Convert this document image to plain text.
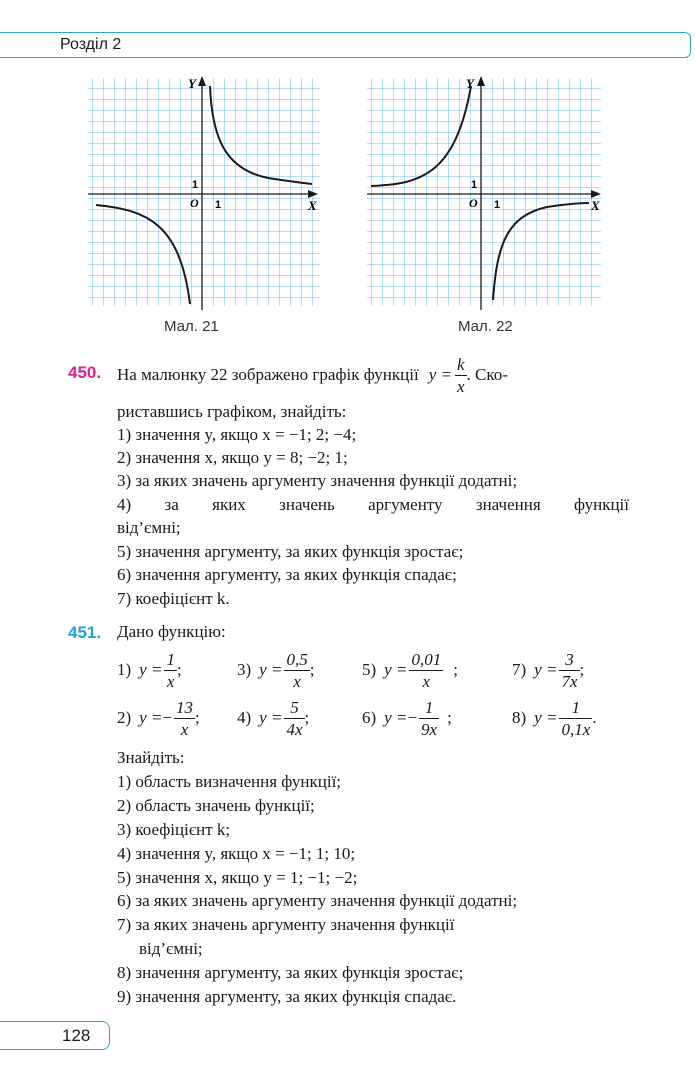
Розділ 2
Y
X
O 1
1
Мал. 21
Y
X
O 1
1
Мал. 22
450. На малюнку 22 зображено графік функції $y = \frac{k}{x}$ . Ско-
риставшись графіком, знайдіть:
1) значення y, якщо x = −1; 2; −4;
2) значення x, якщо y = 8; −2; 1;
3) за яких значень аргументу значення функції додатні;
4) за яких значень аргументу значення функції
від’ємні;
5) значення аргументу, за яких функція зростає;
6) значення аргументу, за яких функція спадає;
7) коефіцієнт k.
451. Дано функцію:
1) $y = \frac{1}{x}$ ;	3) $y = \frac{0,5}{x}$ ;	5) $y = \frac{0,01}{x}$ ;	7) $y = \frac{3}{7x}$ ;
2) y = − $\frac{13}{x}$ ; 4) $y = \frac{5}{4x}$ ;	6) y = − $\frac{1}{9x}$ ;	8) $y = \frac{1}{0,1x}$ .
Знайдіть:
1) область визначення функції;
2) область значень функції;
3) коефіцієнт k;
4) значення y, якщо x = −1; 1; 10;
5) значення x, якщо y = 1; −1; −2;
6) за яких значень аргументу значення функції додатні;
7) за яких значень аргументу значення функції
від’ємні;
8) значення аргументу, за яких функція зростає;
9) значення аргументу, за яких функція спадає.
128
